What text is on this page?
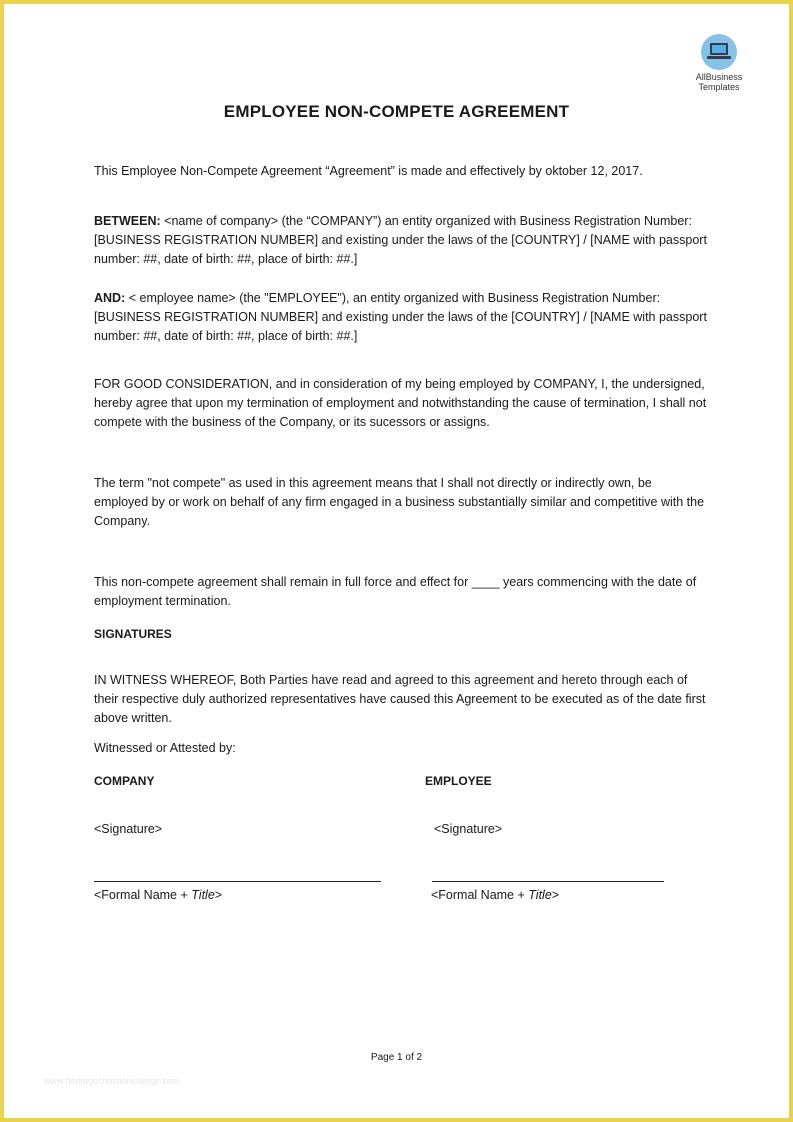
AllBusiness
Templates
EMPLOYEE NON-COMPETE AGREEMENT

This Employee Non-Compete Agreement “Agreement” is made and effectively by oktober 12, 2017.

BETWEEN: <name of company> (the “COMPANY”) an entity organized with Business Registration Number: [BUSINESS REGISTRATION NUMBER] and existing under the laws of the [COUNTRY] / [NAME with passport number: ##, date of birth: ##, place of birth: ##.]

AND: < employee name> (the "EMPLOYEE"), an entity organized with Business Registration Number: [BUSINESS REGISTRATION NUMBER] and existing under the laws of the [COUNTRY] / [NAME with passport number: ##, date of birth: ##, place of birth: ##.]

FOR GOOD CONSIDERATION, and in consideration of my being employed by COMPANY, I, the undersigned, hereby agree that upon my termination of employment and notwithstanding the cause of termination, I shall not compete with the business of the Company, or its sucessors or assigns.

The term "not compete" as used in this agreement means that I shall not directly or indirectly own, be employed by or work on behalf of any firm engaged in a business substantially similar and competitive with the Company.

This non-compete agreement shall remain in full force and effect for ____ years commencing with the date of employment termination.

SIGNATURES

IN WITNESS WHEREOF, Both Parties have read and agreed to this agreement and hereto through each of their respective duly authorized representatives have caused this Agreement to be executed as of the date first above written.

Witnessed or Attested by:

COMPANY	EMPLOYEE
<Signature>	<Signature>
<Formal Name + Title>	<Formal Name + Title>
Page 1 of 2
www.heritagechristiancollege.com
